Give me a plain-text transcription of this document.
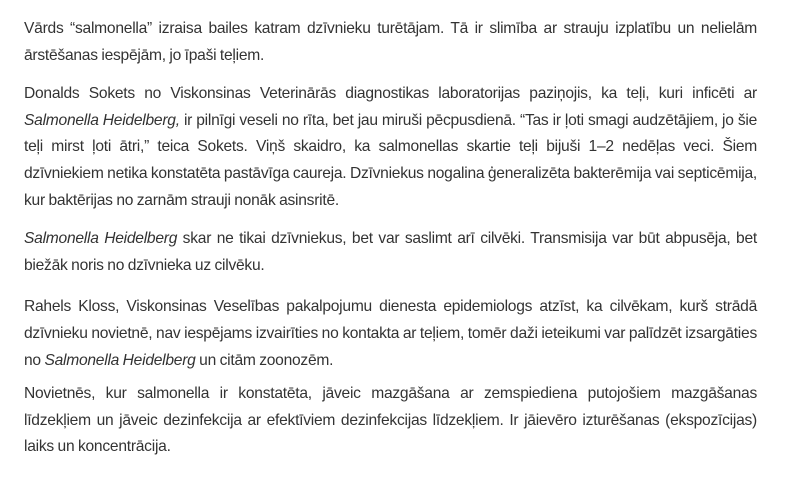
Vārds “salmonella” izraisa bailes katram dzīvnieku turētājam. Tā ir slimība ar strauju izplatību un nelielām ārstēšanas iespējām, jo īpaši teļiem.

Donalds Sokets no Viskonsinas Veterinārās diagnostikas laboratorijas paziņojis, ka teļi, kuri inficēti ar Salmonella Heidelberg, ir pilnīgi veseli no rīta, bet jau miruši pēcpusdienā. “Tas ir ļoti smagi audzētājiem, jo šie teļi mirst ļoti ātri,” teica Sokets. Viņš skaidro, ka salmonellas skartie teļi bijuši 1–2 nedēļas veci. Šiem dzīvniekiem netika konstatēta pastāvīga caureja. Dzīvniekus nogalina ģeneralizēta bakterēmija vai septicēmija, kur baktērijas no zarnām strauji nonāk asinsritē.

Salmonella Heidelberg skar ne tikai dzīvniekus, bet var saslimt arī cilvēki. Transmisija var būt abpusēja, bet biežāk noris no dzīvnieka uz cilvēku.

Rahels Kloss, Viskonsinas Veselības pakalpojumu dienesta epidemiologs atzīst, ka cilvēkam, kurš strādā dzīvnieku novietnē, nav iespējams izvairīties no kontakta ar teļiem, tomēr daži ieteikumi var palīdzēt izsargāties no Salmonella Heidelberg un citām zoonozēm.

Novietnēs, kur salmonella ir konstatēta, jāveic mazgāšana ar zemspiediena putojošiem mazgāšanas līdzekļiem un jāveic dezinfekcija ar efektīviem dezinfekcijas līdzekļiem. Ir jāievēro izturēšanas (ekspozīcijas) laiks un koncentrācija.
